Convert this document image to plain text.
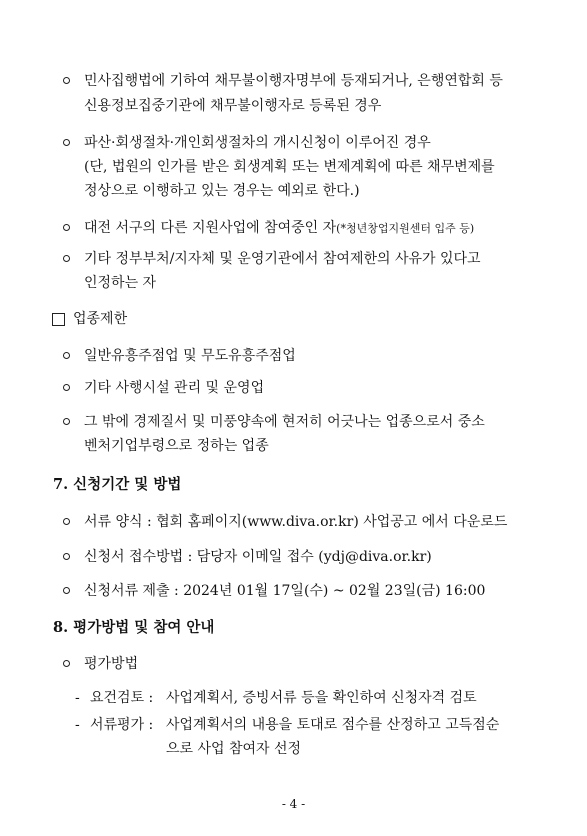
민사집행법에 기하여 채무불이행자명부에 등재되거나, 은행연합회 등
신용정보집중기관에 채무불이행자로 등록된 경우
파산·회생절차·개인회생절차의 개시신청이 이루어진 경우
(단, 법원의 인가를 받은 회생계획 또는 변제계획에 따른 채무변제를
정상으로 이행하고 있는 경우는 예외로 한다.)
대전 서구의 다른 지원사업에 참여중인 자(*청년창업지원센터 입주 등)
기타 정부부처/지자체 및 운영기관에서 참여제한의 사유가 있다고
인정하는 자
업종제한
일반유흥주점업 및 무도유흥주점업
기타 사행시설 관리 및 운영업
그 밖에 경제질서 및 미풍양속에 현저히 어긋나는 업종으로서 중소
벤처기업부령으로 정하는 업종
7. 신청기간 및 방법
서류 양식 : 협회 홈페이지(www.diva.or.kr) 사업공고 에서 다운로드
신청서 접수방법 : 담당자 이메일 접수 (ydj@diva.or.kr)
신청서류 제출 : 2024년 01월 17일(수) ~ 02월 23일(금) 16:00
8. 평가방법 및 참여 안내
평가방법
- 요건검토 : 사업계획서, 증빙서류 등을 확인하여 신청자격 검토
- 서류평가 : 사업계획서의 내용을 토대로 점수를 산정하고 고득점순
으로 사업 참여자 선정
- 4 -
